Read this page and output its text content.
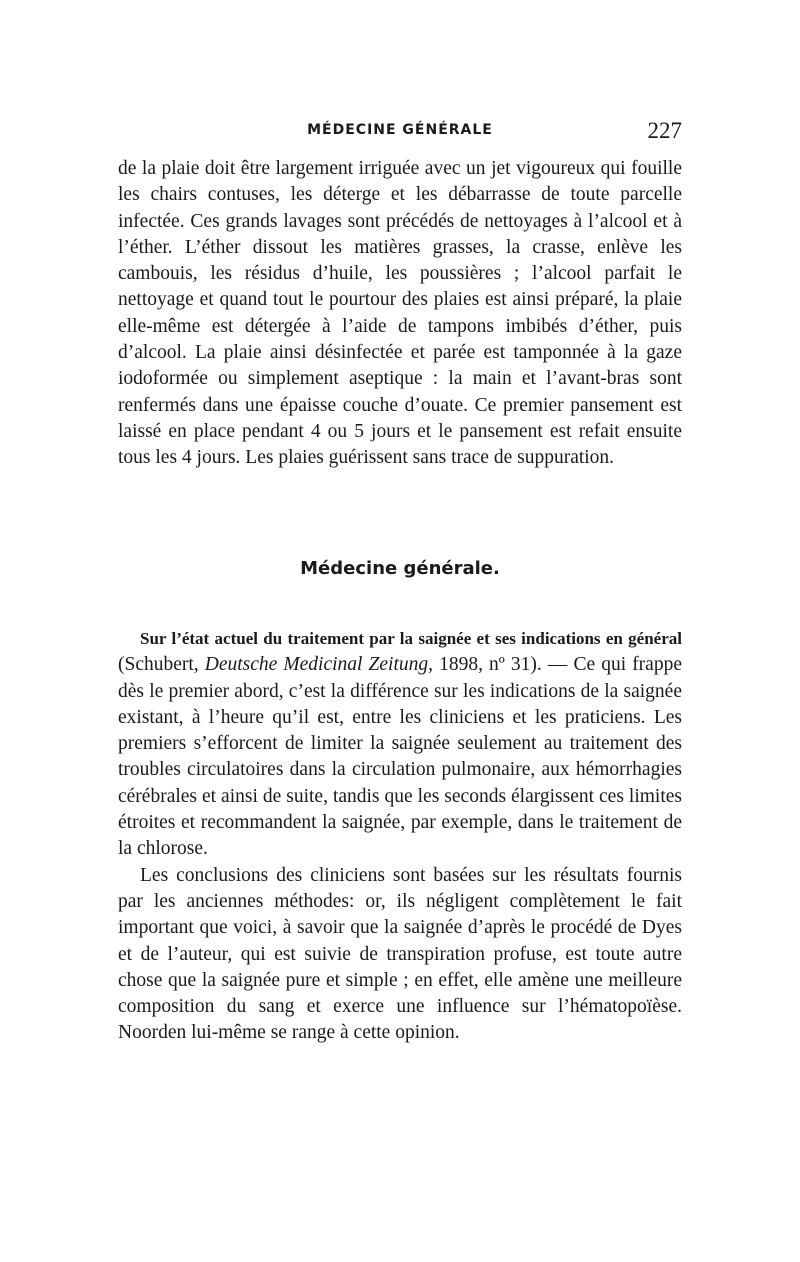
MÉDECINE GÉNÉRALE	227

de la plaie doit être largement irriguée avec un jet vigoureux qui fouille les chairs contuses, les déterge et les débarrasse de toute parcelle infectée. Ces grands lavages sont précédés de nettoyages à l’alcool et à l’éther. L’éther dissout les matières grasses, la crasse, enlève les cambouis, les résidus d’huile, les poussières ; l’alcool parfait le nettoyage et quand tout le pourtour des plaies est ainsi préparé, la plaie elle-même est détergée à l’aide de tampons imbibés d’éther, puis d’alcool. La plaie ainsi désinfectée et parée est tamponnée à la gaze iodoformée ou simplement aseptique : la main et l’avant-bras sont renfermés dans une épaisse couche d’ouate. Ce premier pansement est laissé en place pendant 4 ou 5 jours et le pansement est refait ensuite tous les 4 jours. Les plaies guérissent sans trace de suppuration.

Médecine générale.

Sur l’état actuel du traitement par la saignée et ses indications en général (Schubert, Deutsche Medicinal Zeitung, 1898, nº 31). — Ce qui frappe dès le premier abord, c’est la différence sur les indications de la saignée existant, à l’heure qu’il est, entre les cliniciens et les praticiens. Les premiers s’efforcent de limiter la saignée seulement au traitement des troubles circulatoires dans la circulation pulmonaire, aux hémorrhagies cérébrales et ainsi de suite, tandis que les seconds élargissent ces limites étroites et recommandent la saignée, par exemple, dans le traitement de la chlorose.

Les conclusions des cliniciens sont basées sur les résultats fournis par les anciennes méthodes: or, ils négligent complètement le fait important que voici, à savoir que la saignée d’après le procédé de Dyes et de l’auteur, qui est suivie de transpiration profuse, est toute autre chose que la saignée pure et simple ; en effet, elle amène une meilleure composition du sang et exerce une influence sur l’hématopoïèse. Noorden lui-même se range à cette opinion.
